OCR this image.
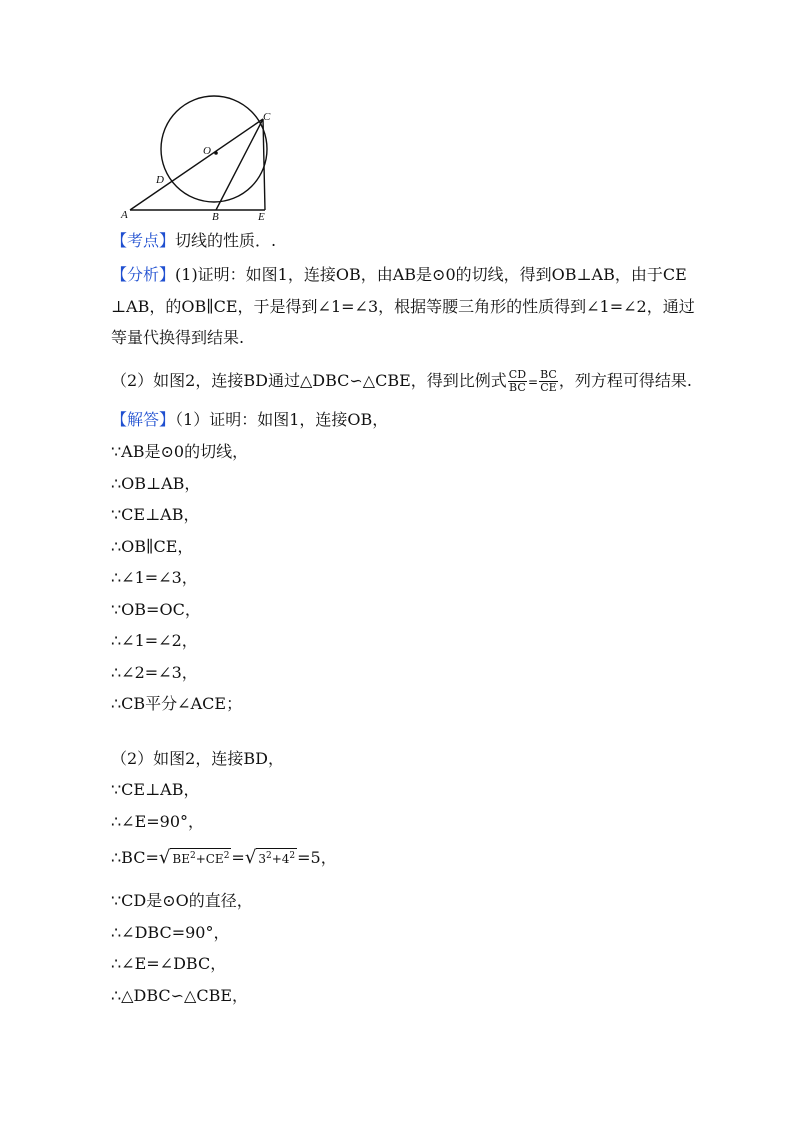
A	B
C
D
E
O
【考点】切线的性质．.
【分析】(1)证明：如图1，连接OB，由AB是⊙0的切线，得到OB⊥AB，由于CE
⊥AB，的OB∥CE，于是得到∠1=∠3，根据等腰三角形的性质得到∠1=∠2，通过
等量代换得到结果.
（2）如图2，连接BD通过△DBC∽△CBE，得到比例式 $\frac{CD}{BC} = \frac{BC}{CE}$ ，列方程可得结果.
【解答】（1）证明：如图1，连接OB，
∵AB是⊙0的切线，
∴OB⊥AB，
∵CE⊥AB，
∴OB∥CE，
∴∠1=∠3，
∵OB=OC，
∴∠1=∠2，
∴∠2=∠3，
∴CB平分∠ACE；
（2）如图2，连接BD，
∵CE⊥AB，
∴∠E=90°，
∴BC=√ $BE^2+CE^2$ =√ $3^2+4^2 =5$，
∵CD是⊙O的直径，
∴∠DBC=90°，
∴∠E=∠DBC，
∴△DBC∽△CBE，
